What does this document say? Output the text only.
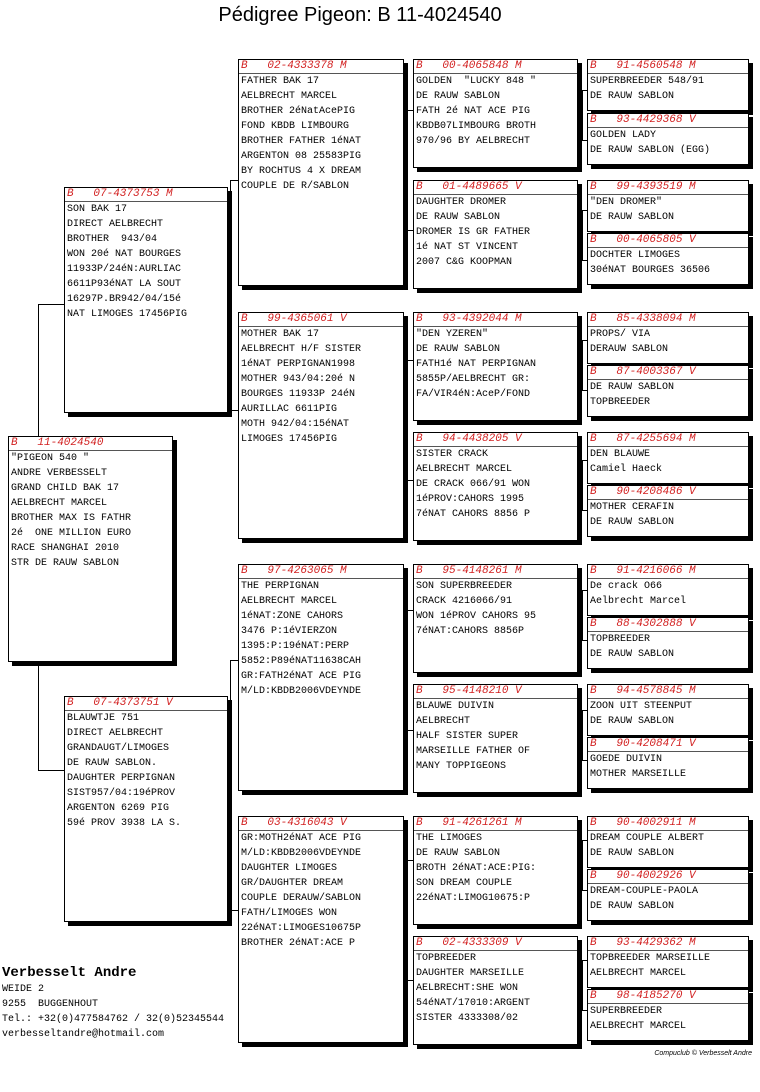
Pédigree Pigeon: B 11-4024540
B   11-4024540
"PIGEON 540 "
ANDRE VERBESSELT
GRAND CHILD BAK 17
AELBRECHT MARCEL
BROTHER MAX IS FATHR
2é  ONE MILLION EURO
RACE SHANGHAI 2010
STR DE RAUW SABLON
B   07-4373753 M
SON BAK 17
DIRECT AELBRECHT
BROTHER  943/04
WON 20é NAT BOURGES
11933P/24éN:AURLIAC
6611P93éNAT LA SOUT
16297P.BR942/04/15é
NAT LIMOGES 17456PIG
B   07-4373751 V
BLAUWTJE 751
DIRECT AELBRECHT
GRANDAUGT/LIMOGES
DE RAUW SABLON.
DAUGHTER PERPIGNAN
SIST957/04:19éPROV
ARGENTON 6269 PIG
59é PROV 3938 LA S.
B   02-4333378 M
FATHER BAK 17
AELBRECHT MARCEL
BROTHER 2éNatAcePIG
FOND KBDB LIMBOURG
BROTHER FATHER 1éNAT
ARGENTON 08 25583PIG
BY ROCHTUS 4 X DREAM
COUPLE DE R/SABLON
B   99-4365061 V
MOTHER BAK 17
AELBRECHT H/F SISTER
1éNAT PERPIGNAN1998
MOTHER 943/04:20é N
BOURGES 11933P 24éN
AURILLAC 6611PIG
MOTH 942/04:15éNAT
LIMOGES 17456PIG
B   97-4263065 M
THE PERPIGNAN
AELBRECHT MARCEL
1éNAT:ZONE CAHORS
3476 P:1éVIERZON
1395:P:19éNAT:PERP
5852:P89éNAT11638CAH
GR:FATH2éNAT ACE PIG
M/LD:KBDB2006VDEYNDE
B   03-4316043 V
GR:MOTH2éNAT ACE PIG
M/LD:KBDB2006VDEYNDE
DAUGHTER LIMOGES
GR/DAUGHTER DREAM
COUPLE DERAUW/SABLON
FATH/LIMOGES WON
22éNAT:LIMOGES10675P
BROTHER 2éNAT:ACE P
B   00-4065848 M
GOLDEN  "LUCKY 848 "
DE RAUW SABLON
FATH 2é NAT ACE PIG
KBDB07LIMBOURG BROTH
970/96 BY AELBRECHT
B   01-4489665 V
DAUGHTER DROMER
DE RAUW SABLON
DROMER IS GR FATHER
1é NAT ST VINCENT
2007 C&G KOOPMAN
B   93-4392044 M
"DEN YZEREN"
DE RAUW SABLON
FATH1é NAT PERPIGNAN
5855P/AELBRECHT GR:
FA/VIR4éN:AceP/FOND
B   94-4438205 V
SISTER CRACK
AELBRECHT MARCEL
DE CRACK 066/91 WON
1éPROV:CAHORS 1995
7éNAT CAHORS 8856 P
B   95-4148261 M
SON SUPERBREEDER
CRACK 4216066/91
WON 1éPROV CAHORS 95
7éNAT:CAHORS 8856P
B   95-4148210 V
BLAUWE DUIVIN
AELBRECHT
HALF SISTER SUPER
MARSEILLE FATHER OF
MANY TOPPIGEONS
B   91-4261261 M
THE LIMOGES
DE RAUW SABLON
BROTH 2éNAT:ACE:PIG:
SON DREAM COUPLE
22éNAT:LIMOG10675:P
B   02-4333309 V
TOPBREEDER
DAUGHTER MARSEILLE
AELBRECHT:SHE WON
54éNAT/17010:ARGENT
SISTER 4333308/02
B   91-4560548 M
SUPERBREEDER 548/91
DE RAUW SABLON
B   93-4429368 V
GOLDEN LADY
DE RAUW SABLON (EGG)
B   99-4393519 M
"DEN DROMER"
DE RAUW SABLON
B   00-4065805 V
DOCHTER LIMOGES
30éNAT BOURGES 36506
B   85-4338094 M
PROPS/ VIA
DERAUW SABLON
B   87-4003367 V
DE RAUW SABLON
TOPBREEDER
B   87-4255694 M
DEN BLAUWE
Camiel Haeck
B   90-4208486 V
MOTHER CERAFIN
DE RAUW SABLON
B   91-4216066 M
De crack O66
Aelbrecht Marcel
B   88-4302888 V
TOPBREEDER
DE RAUW SABLON
B   94-4578845 M
ZOON UIT STEENPUT
DE RAUW SABLON
B   90-4208471 V
GOEDE DUIVIN
MOTHER MARSEILLE
B   90-4002911 M
DREAM COUPLE ALBERT
DE RAUW SABLON
B   90-4002926 V
DREAM-COUPLE-PAOLA
DE RAUW SABLON
B   93-4429362 M
TOPBREEDER MARSEILLE
AELBRECHT MARCEL
B   98-4185270 V
SUPERBREEDER
AELBRECHT MARCEL
Verbesselt Andre
WEIDE 2
9255  BUGGENHOUT
Tel.: +32(0)477584762 / 32(0)52345544
verbesseltandre@hotmail.com
Compuclub © Verbesselt Andre
